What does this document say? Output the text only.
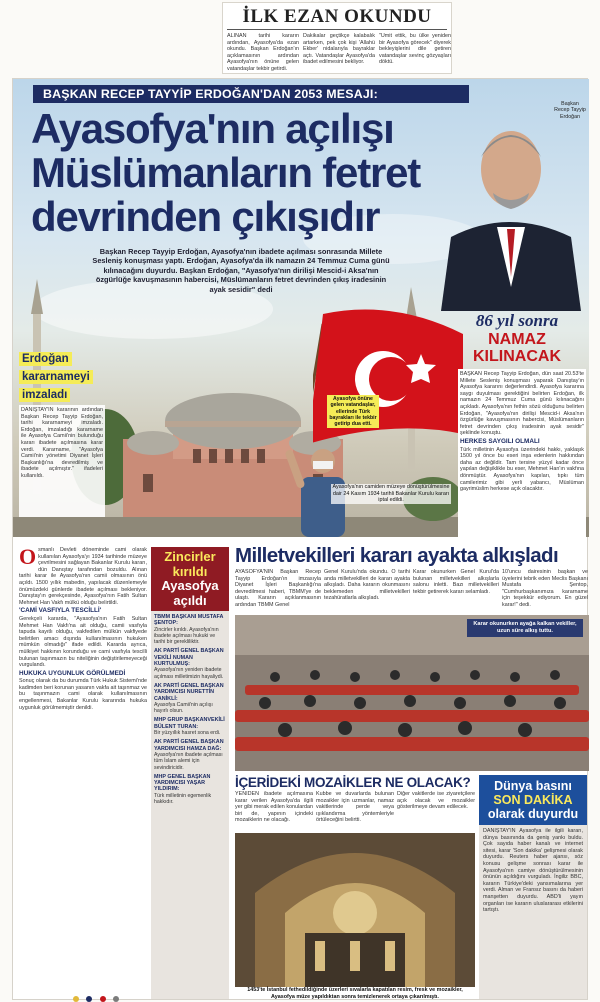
İLK EZAN OKUNDU
ALINAN tarihi kararın ardından, Ayasofya'da ezan okundu. Başkan Erdoğan'ın açıklamasının ardından Ayasofya'nın önüne gelen vatandaşlar tekbir getirdi.
Dakikalar geçtikçe kalabalık artarken, pek çok kişi 'Allahü Ekber' nidalarıyla bayraklar açtı. Vatandaşlar Ayasofya'da ibadet edilmesini bekliyor.
"Ümit ettik, bu ülke yeniden bir Ayasofya görecek" diyerek bekleyişlerini dile getiren vatandaşlar sevinç gözyaşları döktü.
BAŞKAN RECEP TAYYİP ERDOĞAN'DAN 2053 MESAJI:
Ayasofya'nın açılışı
Müslümanların fetret
devrinden çıkışıdır
Başkan Recep Tayyip Erdoğan, Ayasofya'nın ibadete açılması sonrasında Millete Sesleniş konuşması yaptı. Erdoğan, Ayasofya'da ilk namazın 24 Temmuz Cuma günü kılınacağını duyurdu. Başkan Erdoğan, "Ayasofya'nın dirilişi Mescid-i Aksa'nın özgürlüğe kavuşmasının habercisi, Müslümanların fetret devrinden çıkış iradesinin ayak sesidir" dedi
Başkan Recep Tayyip Erdoğan
86 yıl sonra
NAMAZ
KILINACAK
Erdoğan
kararnameyi
imzaladı
DANIŞTAY'IN kararının ardından Başkan Recep Tayyip Erdoğan, tarihi kararnameyi imzaladı. Erdoğan, imzaladığı kararname ile Ayasofya Camii'nin bulunduğu kararı ibadete açılmasına karar verdi. Kararname, "Ayasofya Camii'nin yönetimi Diyanet İşleri Başkanlığı'na devredilmiş ve ibadete açılmıştır." ifadeleri kullanıldı.
Ayasofya önüne gelen vatandaşlar, ellerinde Türk bayrakları ile tekbir getirip dua etti.
Ayasofya'nın camiden müzeye dönüştürülmesine dair 24 Kasım 1934 tarihli Bakanlar Kurulu kararı iptal edildi.

BAŞKAN Recep Tayyip Erdoğan, dün saat 20.53'te Millete Sesleniş konuşması yaparak Danıştay'ın Ayasofya kararını değerlendirdi. Ayasofya kararına saygı duyulması gerektiğini belirten Erdoğan, ilk namazın 24 Temmuz Cuma günü kılınacağını açıkladı. Ayasofya'nın fethin sözü olduğunu belirten Erdoğan, "Ayasofya'nın dirilişi Mescid-i Aksa'nın özgürlüğe kavuşmasının habercisi, Müslümanların fetret devrinden çıkış iradesinin ayak sesidir" şeklinde konuştu.

HERKES SAYGILI OLMALI

Türk milletinin Ayasofya üzerindeki hakkı, yaklaşık 1500 yıl önce bu eseri inşa edenlerin hakkından daha az değildir. Tam tersine yüzyıl kadar önce yapılan değişiklikle bu eser, Mehmet Han'ın vakfına dönmüştür. Ayasofya'nın kapıları, tıpkı tüm camilerimiz gibi yerli yabancı, Müslüman gayrimüslim herkese açık olacaktır.

Osmanlı Devleti döneminde cami olarak kullanılan Ayasofya'yı 1934 tarihinde müzeye çevrilmesini sağlayan Bakanlar Kurulu kararı, dün Danıştay tarafından bozuldu. Alınan tarihi karar ile Ayasofya'nın camii olmasının önü açıldı. 1500 yıllık mabedin, yapılacak düzenlemeyle önümüzdeki günlerde ibadete açılması bekleniyor. Danıştay'ın gerekçesinde, Ayasofya'nın Fatih Sultan Mehmet Han Vakfı mülkü olduğu belirtildi.

'CAMİ VASFIYLA TESCİLLİ'

Gerekçeli kararda, "Ayasofya'nın Fatih Sultan Mehmet Han Vakfı'na ait olduğu, camii vasfıyla tapuda kayıtlı olduğu, vakfedilen mülkün vakfiyede belirtilen amacı dışında kullanılmasının hukuken mümkün olmadığı" ifade edildi. Kararda ayrıca, mülkiyet hakkının korunduğu ve cami vasfıyla tescilli bulunan taşınmazın bu niteliğinin değiştirilemeyeceği vurgulandı.

HUKUKA UYGUNLUK GÖRÜLMEDİ

Sonuç olarak da bu durumda Türk Hukuk Sistemi'nde kadimden beri korunan yasanın vakfa ait taşınmaz ve bu taşınmazın cami olarak kullanılmasının engellenmesi, Bakanlar Kurulu kararında hukuka uygunluk görülmemiştir denildi.

Zincirler
kırıldı
Ayasofya
açıldı
TBMM BAŞKANI MUSTAFA ŞENTOP:
Zincirler kırıldı. Ayasofya'nın ibadete açılması hukuki ve tarihi bir gerekliliktir.
AK PARTİ GENEL BAŞKAN VEKİLİ NUMAN KURTULMUŞ:
Ayasofya'nın yeniden ibadete açılması milletimizin hayaliydi.
AK PARTİ GENEL BAŞKAN YARDIMCISI NURETTİN CANİKLİ:
Ayasofya Camii'nin açılışı hayırlı olsun.
MHP GRUP BAŞKANVEKİLİ BÜLENT TURAN:
Bir yüzyıllık hasret sona erdi.
AK PARTİ GENEL BAŞKAN YARDIMCISI HAMZA DAĞ:
Ayasofya'nın ibadete açılması tüm İslam alemi için sevindiricidir.
MHP GENEL BAŞKAN YARDIMCISI YAŞAR YILDIRIM:
Türk milletinin egemenlik hakkıdır.
Milletvekilleri kararı ayakta alkışladı
AYASOFYA'NIN Başkan Recep Tayyip Erdoğan'ın imzasıyla Diyanet İşleri Başkanlığı'na devredilmesi haberi, TBMM'ye de ulaştı. Kararın açıklanmasının ardından TBMM Genel
Genel Kurulu'nda okundu. O tarihi anda milletvekilleri de kararı ayakta alkışladı. Daha kararın okunmasını beklemeden milletvekilleri tezahüratlarla alkışladı.
Karar okunurken Genel Kurul'da bulunan milletvekilleri alkışlarla salonu inletti. Bazı milletvekilleri tekbir getirerek kararı selamladı.
10'uncu dairesinin başkan ve üyelerini tebrik eden Meclis Başkanı Mustafa Şentop, "Cumhurbaşkanımıza kararname için teşekkür ediyorum. En güzel karar!" dedi.
Karar okunurken ayağa kalkan vekiller, uzun süre alkış tuttu.
İÇERİDEKİ MOZAİKLER NE OLACAK?
YENİDEN ibadete açılmasına karar verilen Ayasofya'da ilgili yer gibi merak edilen konulardan biri de, yapının içindeki mozaiklerin ne olacağı.
Kubbe ve duvarlarda bulunan mozaikler için uzmanlar, namaz vakitlerinde perde veya ışıklandırma yöntemleriyle örtüleceğini belirtti.
Diğer vakitlerde ise ziyaretçilere açık olacak ve mozaikler gösterilmeye devam edilecek.
1453'te İstanbul fethedildiğinde üzerleri sıvalarla kapatılan resim, fresk ve mozaikler, Ayasofya müze yapıldıktan sonra temizlenerek ortaya çıkarılmıştı.
Dünya basını
SON DAKİKA
olarak duyurdu
DANIŞTAY'IN Ayasofya ile ilgili kararı, dünya basınında da geniş yankı buldu. Çok sayıda haber kanalı ve internet sitesi, karar 'Son dakika' gelişmesi olarak duyurdu. Reuters haber ajansı, söz konusu gelişme sonrası karar ile Ayasofya'nın camiye dönüştürülmesinin önünün açıldığını vurguladı. İngiliz BBC, kararın Türkiye'deki yansımalarına yer verdi. Alman ve Fransız basını da haberi manşetten duyurdu. ABD'li yayın organları ise kararın uluslararası etkilerini tartıştı.
